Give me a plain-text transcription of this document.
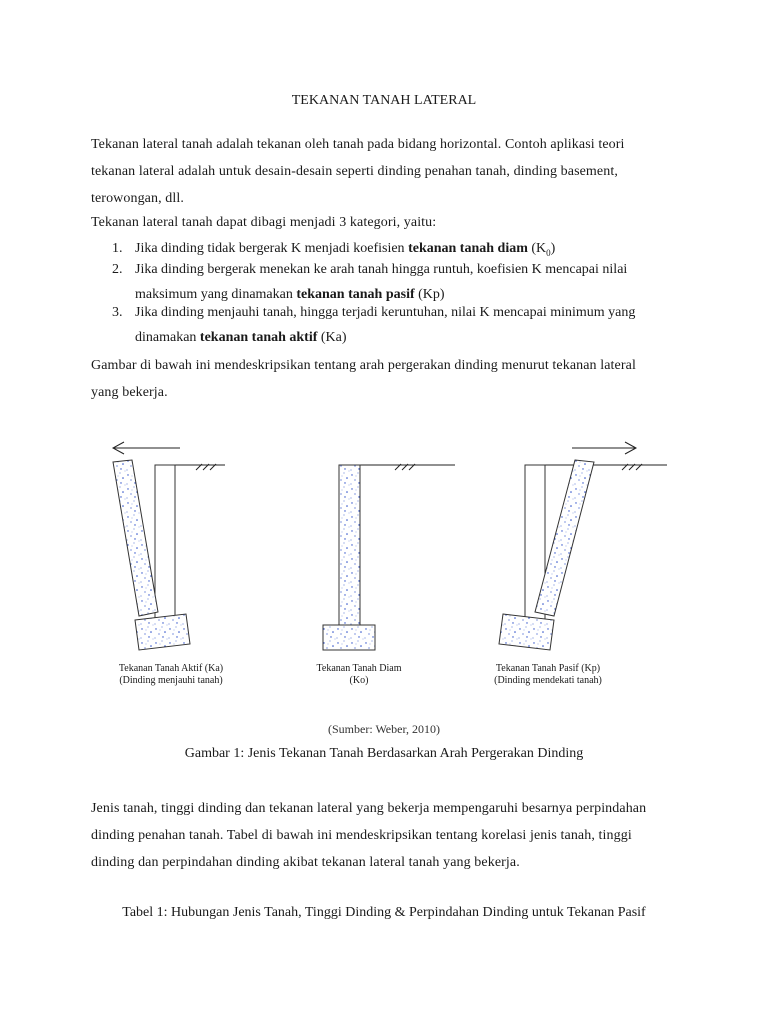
TEKANAN TANAH LATERAL
Tekanan lateral tanah adalah tekanan oleh tanah pada bidang horizontal. Contoh aplikasi teori
tekanan lateral adalah untuk desain-desain seperti dinding penahan tanah, dinding basement,
terowongan, dll.
Tekanan lateral tanah dapat dibagi menjadi 3 kategori, yaitu:
1. Jika dinding tidak bergerak K menjadi koefisien tekanan tanah diam $(K_0)$
2. Jika dinding bergerak menekan ke arah tanah hingga runtuh, koefisien K mencapai nilai
maksimum yang dinamakan tekanan tanah pasif (Kp)
3. Jika dinding menjauhi tanah, hingga terjadi keruntuhan, nilai K mencapai minimum yang
dinamakan tekanan tanah aktif (Ka)
Gambar di bawah ini mendeskripsikan tentang arah pergerakan dinding menurut tekanan lateral
yang bekerja.
Tekanan Tanah Aktif (Ka)
(Dinding menjauhi tanah)
Tekanan Tanah Diam
(Ko)
Tekanan Tanah Pasif (Kp)
(Dinding mendekati tanah)
(Sumber: Weber, 2010)
Gambar 1: Jenis Tekanan Tanah Berdasarkan Arah Pergerakan Dinding
Jenis tanah, tinggi dinding dan tekanan lateral yang bekerja mempengaruhi besarnya perpindahan
dinding penahan tanah. Tabel di bawah ini mendeskripsikan tentang korelasi jenis tanah, tinggi
dinding dan perpindahan dinding akibat tekanan lateral tanah yang bekerja.
Tabel 1: Hubungan Jenis Tanah, Tinggi Dinding & Perpindahan Dinding untuk Tekanan Pasif
